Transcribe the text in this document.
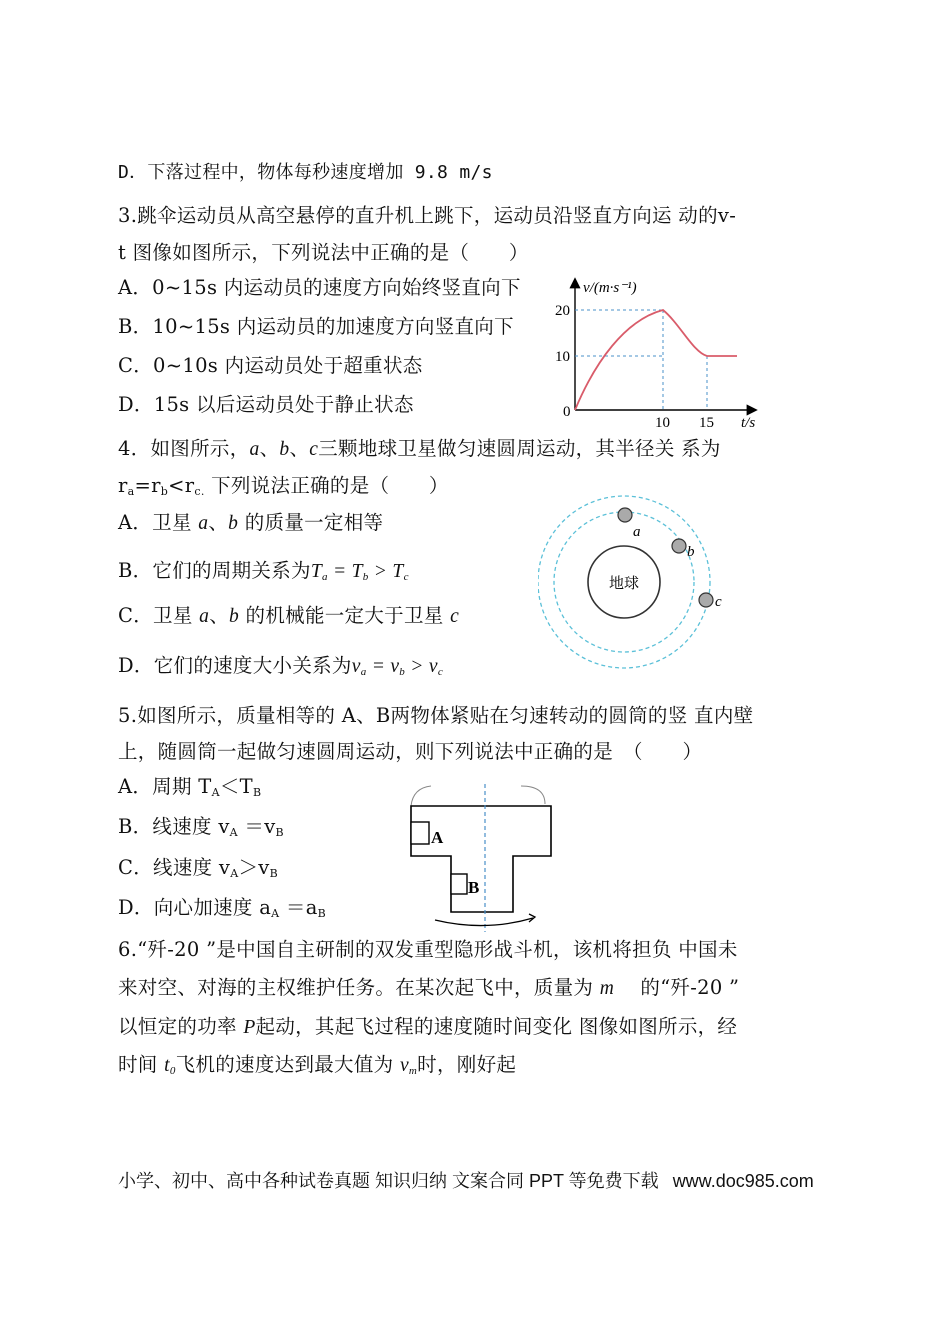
D．下落过程中，物体每秒速度增加 9.8 m/s
3.跳伞运动员从高空悬停的直升机上跳下，运动员沿竖直方向运 动的v-
t 图像如图所示，下列说法中正确的是（　　）
A．0~15s 内运动员的速度方向始终竖直向下
B．10~15s 内运动员的加速度方向竖直向下
C．0~10s 内运动员处于超重状态
D．15s 以后运动员处于静止状态
v/(m·s⁻¹)
t/s
0
20
10
10 15
4．如图所示，a、b、c三颗地球卫星做匀速圆周运动，其半径关 系为
$r_a=r_b<r_{c.}$ 下列说法正确的是（　　）
A．卫星 a、b 的质量一定相等
B．它们的周期关系为$T_a = T_b > T_c$
C．卫星 a、b 的机械能一定大于卫星 c
D．它们的速度大小关系为$v_a = v_b > v_c$
地球
a
b
c
5.如图所示，质量相等的 A、B两物体紧贴在匀速转动的圆筒的竖 直内壁
上，随圆筒一起做匀速圆周运动，则下列说法中正确的是　（　　）
A．周期 $T_A<T_B$
B．线速度 $v_A =v_B$
C．线速度 $v_A>v_B$
D．向心加速度 $a_A =a_B$
A
B
6.“歼-20 ”是中国自主研制的双发重型隐形战斗机，该机将担负 中国未
来对空、对海的主权维护任务。在某次起飞中，质量为 m 　的“歼-20 ”
以恒定的功率 P起动，其起飞过程的速度随时间变化 图像如图所示，经
时间 $t_0$飞机的速度达到最大值为 $v_m$时，刚好起
小学、初中、高中各种试卷真题 知识归纳 文案合同 PPT 等免费下载 www.doc985.com
